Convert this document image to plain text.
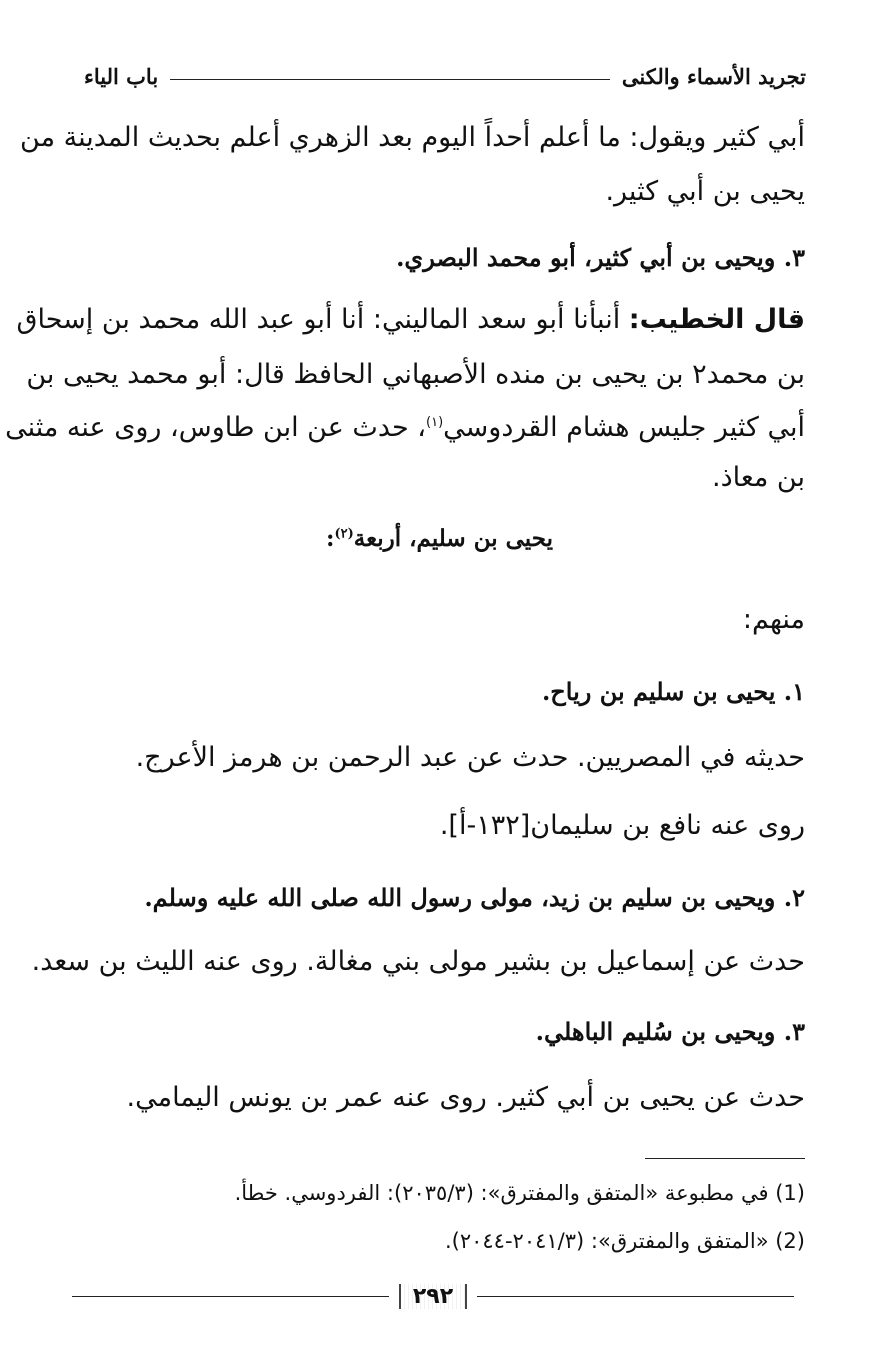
تجريد الأسماء والكنى
باب الياء
أبي كثير ويقول: ما أعلم أحداً اليوم بعد الزهري أعلم بحديث المدينة من
يحيى بن أبي كثير.
٣. ويحيى بن أبي كثير، أبو محمد البصري.
قال الخطيب: أنبأنا أبو سعد الماليني: أنا أبو عبد الله محمد بن إسحاق
بن محمد٢ بن يحيى بن منده الأصبهاني الحافظ قال: أبو محمد يحيى بن
أبي كثير جليس هشام القردوسي$^{(١)}$، حدث عن ابن طاوس، روى عنه مثنى
بن معاذ.
يحيى بن سليم، أربعة$^{(٢)}$:
منهم:
١. يحيى بن سليم بن رياح.
حديثه في المصريين. حدث عن عبد الرحمن بن هرمز الأعرج.
روى عنه نافع بن سليمان[١٣٢-أ].
٢. ويحيى بن سليم بن زيد، مولى رسول الله صلى الله عليه وسلم.
حدث عن إسماعيل بن بشير مولى بني مغالة. روى عنه الليث بن سعد.
٣. ويحيى بن سُليم الباهلي.
حدث عن يحيى بن أبي كثير. روى عنه عمر بن يونس اليمامي.
(1) في مطبوعة «المتفق والمفترق»: (٢٠٣٥/٣): الفردوسي. خطأ.
(2) «المتفق والمفترق»: (٢٠٤١/٣-٢٠٤٤).
٢٩٢
